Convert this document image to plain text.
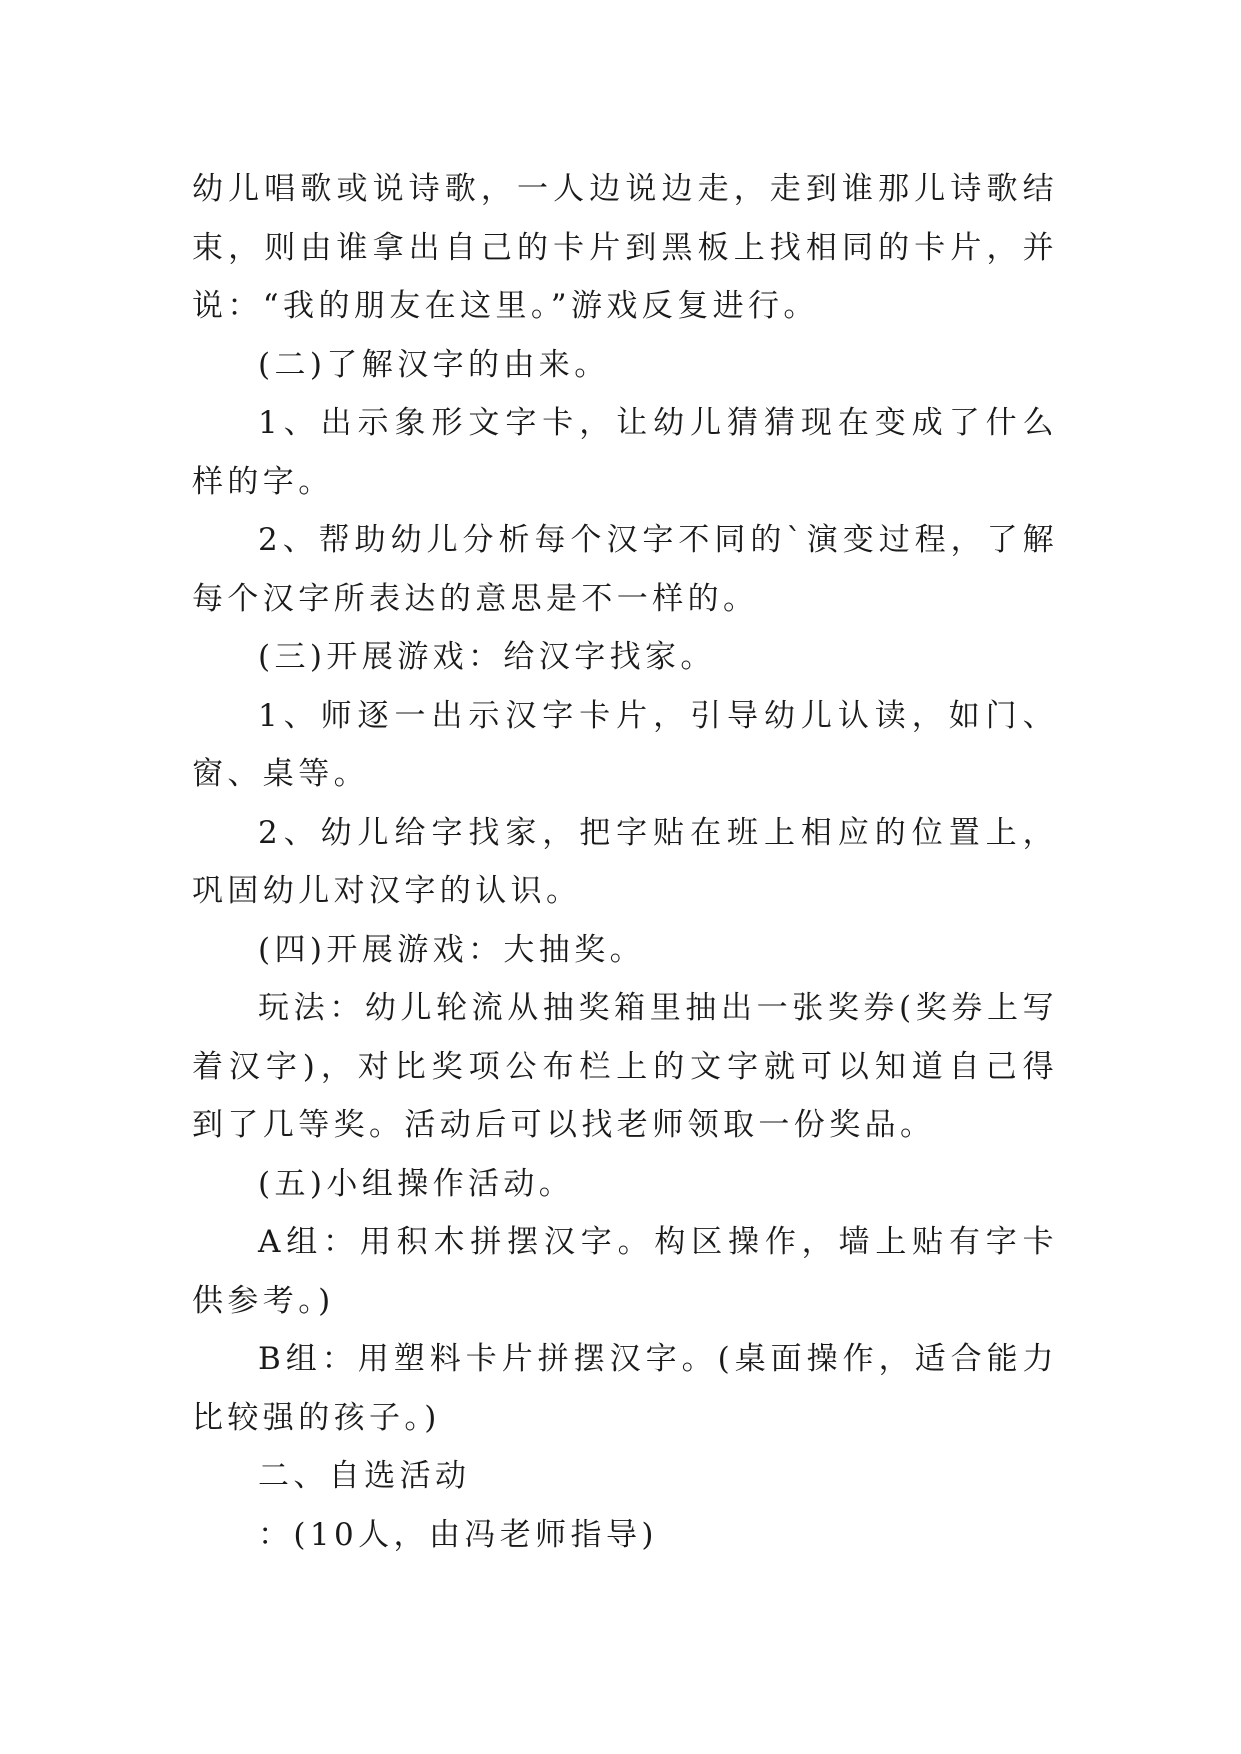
幼儿唱歌或说诗歌，一人边说边走，走到谁那儿诗歌结束，则由谁拿出自己的卡片到黑板上找相同的卡片，并说：“我的朋友在这里。”游戏反复进行。

(二)了解汉字的由来。

1、出示象形文字卡，让幼儿猜猜现在变成了什么样的字。

2、帮助幼儿分析每个汉字不同的`演变过程，了解每个汉字所表达的意思是不一样的。

(三)开展游戏：给汉字找家。

1、师逐一出示汉字卡片，引导幼儿认读，如门、窗、桌等。

2、幼儿给字找家，把字贴在班上相应的位置上，巩固幼儿对汉字的认识。

(四)开展游戏：大抽奖。

玩法：幼儿轮流从抽奖箱里抽出一张奖券(奖券上写着汉字)，对比奖项公布栏上的文字就可以知道自己得到了几等奖。活动后可以找老师领取一份奖品。

(五)小组操作活动。

A组：用积木拼摆汉字。构区操作，墙上贴有字卡供参考。)

B组：用塑料卡片拼摆汉字。(桌面操作，适合能力比较强的孩子。)

二、自选活动

：(10人，由冯老师指导)
